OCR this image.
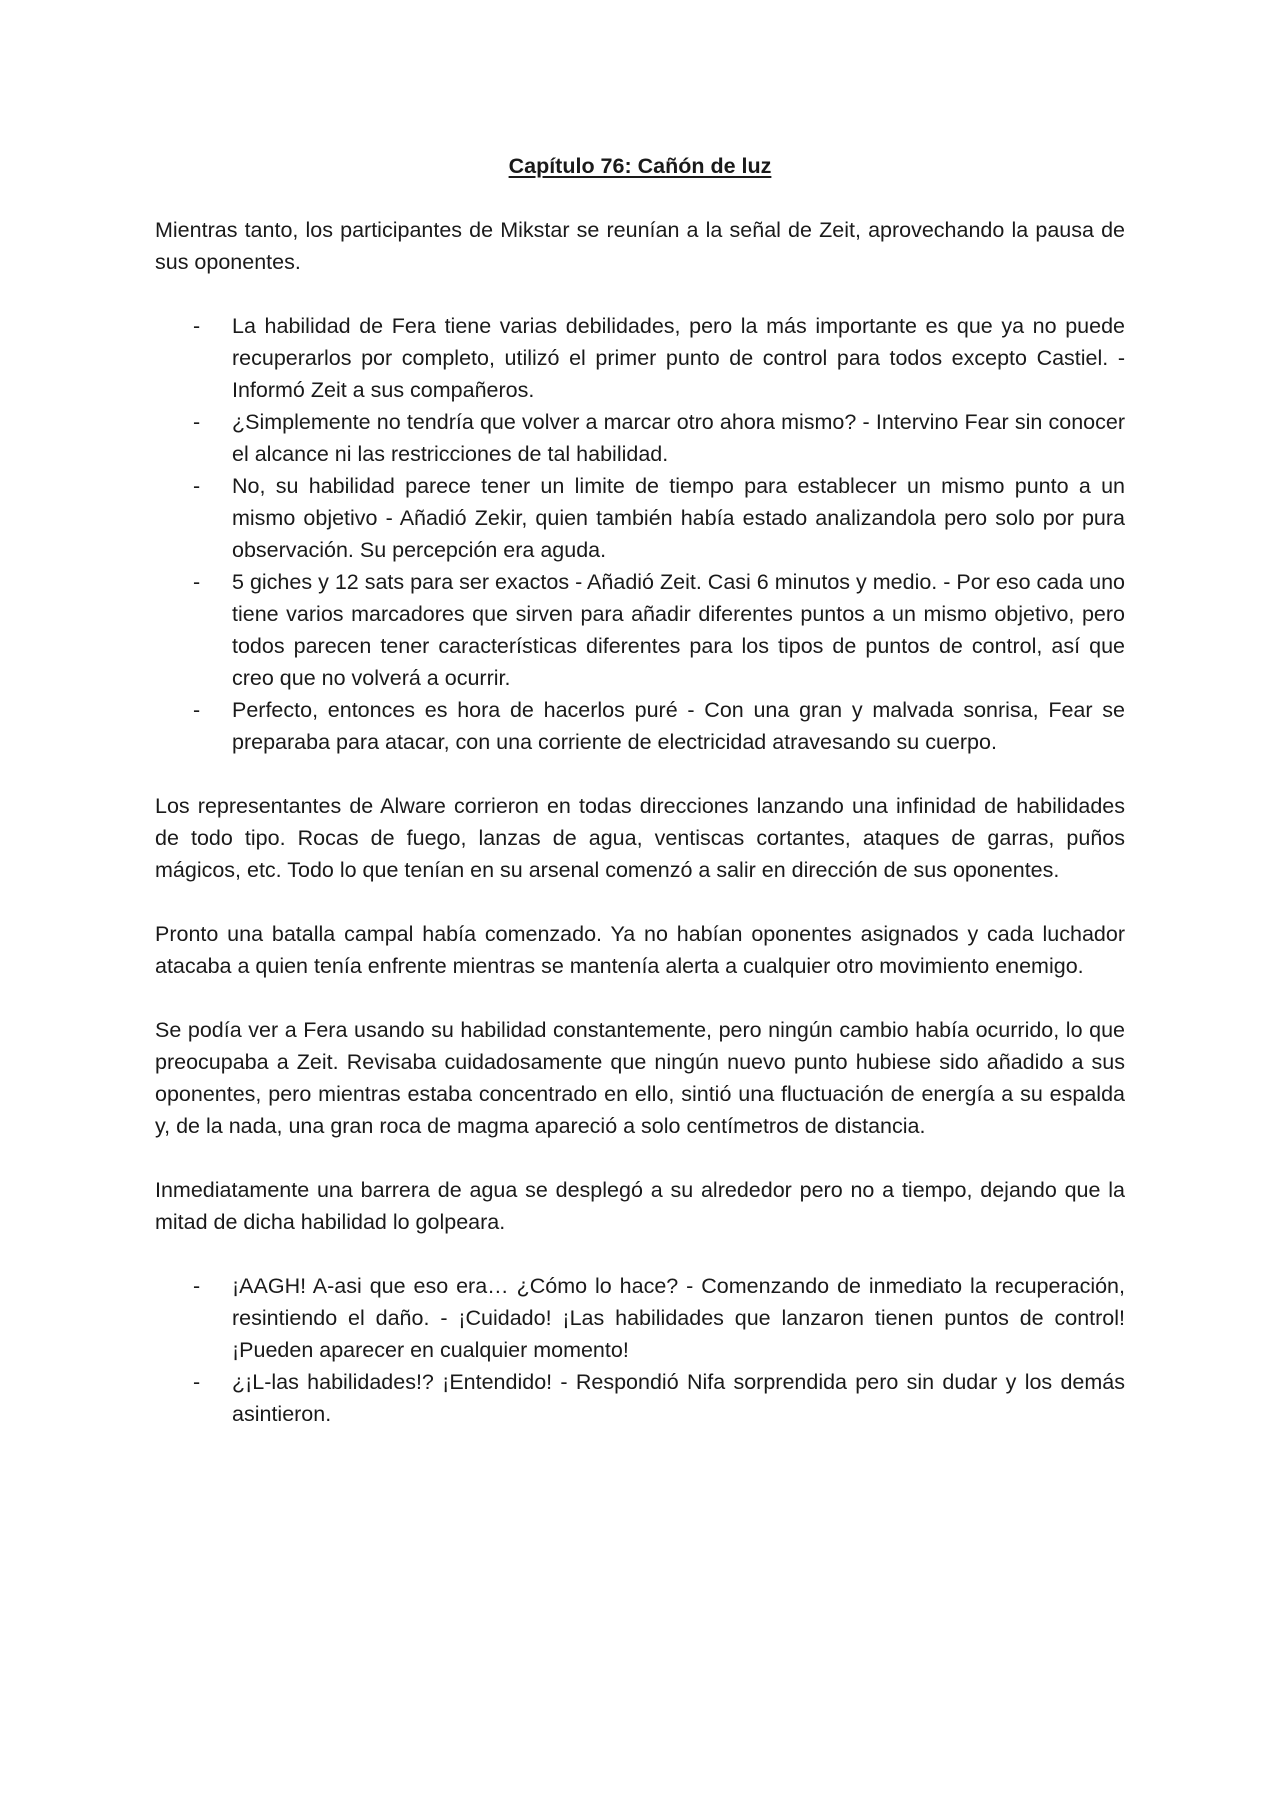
Capítulo 76: Cañón de luz

Mientras tanto, los participantes de Mikstar se reunían a la señal de Zeit, aprovechando la pausa de sus oponentes.

- La habilidad de Fera tiene varias debilidades, pero la más importante es que ya no puede recuperarlos por completo, utilizó el primer punto de control para todos excepto Castiel. - Informó Zeit a sus compañeros.
- ¿Simplemente no tendría que volver a marcar otro ahora mismo? - Intervino Fear sin conocer el alcance ni las restricciones de tal habilidad.
- No, su habilidad parece tener un limite de tiempo para establecer un mismo punto a un mismo objetivo - Añadió Zekir, quien también había estado analizandola pero solo por pura observación. Su percepción era aguda.
- 5 giches y 12 sats para ser exactos - Añadió Zeit. Casi 6 minutos y medio. - Por eso cada uno tiene varios marcadores que sirven para añadir diferentes puntos a un mismo objetivo, pero todos parecen tener características diferentes para los tipos de puntos de control, así que creo que no volverá a ocurrir.
- Perfecto, entonces es hora de hacerlos puré - Con una gran y malvada sonrisa, Fear se preparaba para atacar, con una corriente de electricidad atravesando su cuerpo.

Los representantes de Alware corrieron en todas direcciones lanzando una infinidad de habilidades de todo tipo. Rocas de fuego, lanzas de agua, ventiscas cortantes, ataques de garras, puños mágicos, etc. Todo lo que tenían en su arsenal comenzó a salir en dirección de sus oponentes.

Pronto una batalla campal había comenzado. Ya no habían oponentes asignados y cada luchador atacaba a quien tenía enfrente mientras se mantenía alerta a cualquier otro movimiento enemigo.

Se podía ver a Fera usando su habilidad constantemente, pero ningún cambio había ocurrido, lo que preocupaba a Zeit. Revisaba cuidadosamente que ningún nuevo punto hubiese sido añadido a sus oponentes, pero mientras estaba concentrado en ello, sintió una fluctuación de energía a su espalda y, de la nada, una gran roca de magma apareció a solo centímetros de distancia.

Inmediatamente una barrera de agua se desplegó a su alrededor pero no a tiempo, dejando que la mitad de dicha habilidad lo golpeara.

- ¡AAGH! A-asi que eso era… ¿Cómo lo hace? - Comenzando de inmediato la recuperación, resintiendo el daño. - ¡Cuidado! ¡Las habilidades que lanzaron tienen puntos de control! ¡Pueden aparecer en cualquier momento!
- ¿¡L-las habilidades!? ¡Entendido! - Respondió Nifa sorprendida pero sin dudar y los demás asintieron.
